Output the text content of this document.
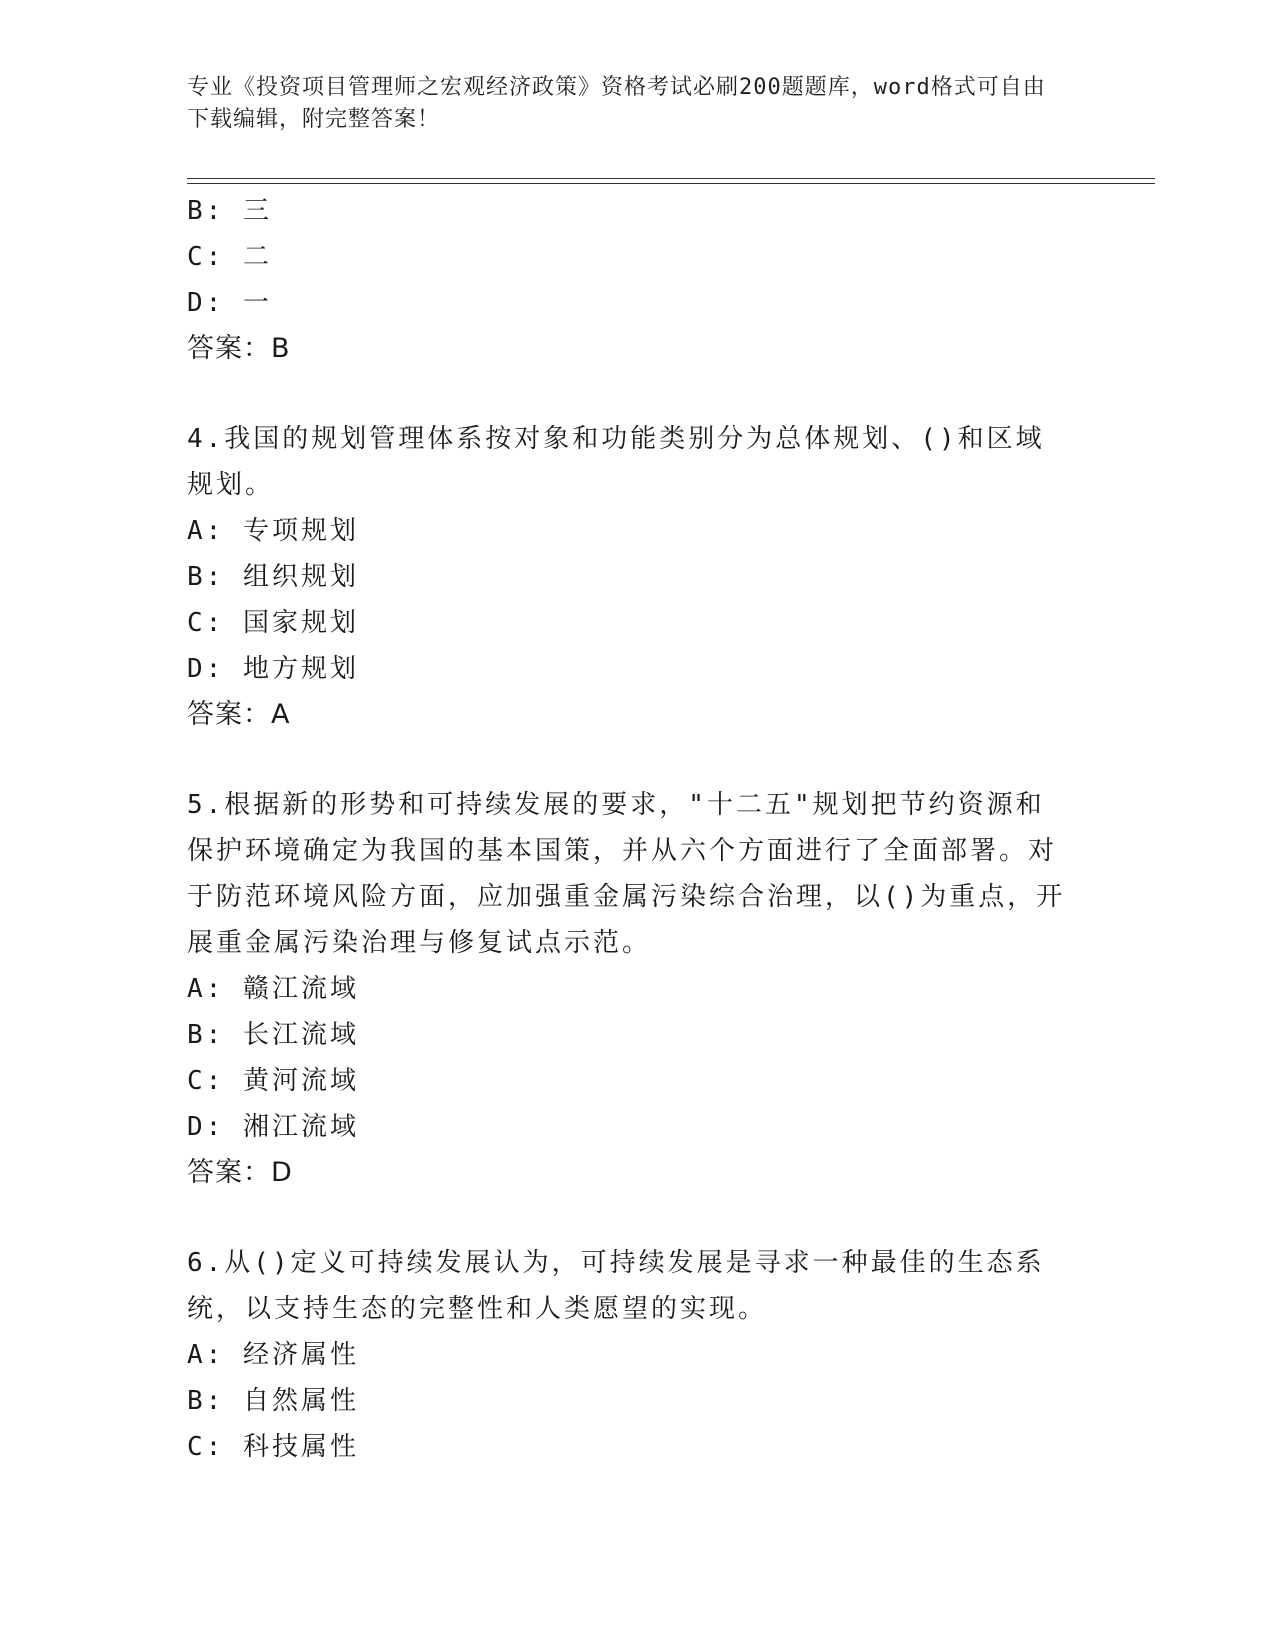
专业《投资项目管理师之宏观经济政策》资格考试必刷200题题库，word格式可自由下载编辑，附完整答案！
B: 三
C: 二
D: 一
答案：B
4.我国的规划管理体系按对象和功能类别分为总体规划、()和区域规划。
A: 专项规划
B: 组织规划
C: 国家规划
D: 地方规划
答案：A
5.根据新的形势和可持续发展的要求，"十二五"规划把节约资源和保护环境确定为我国的基本国策，并从六个方面进行了全面部署。对于防范环境风险方面，应加强重金属污染综合治理，以()为重点，开展重金属污染治理与修复试点示范。
A: 赣江流域
B: 长江流域
C: 黄河流域
D: 湘江流域
答案：D
6.从()定义可持续发展认为，可持续发展是寻求一种最佳的生态系统，以支持生态的完整性和人类愿望的实现。
A: 经济属性
B: 自然属性
C: 科技属性
